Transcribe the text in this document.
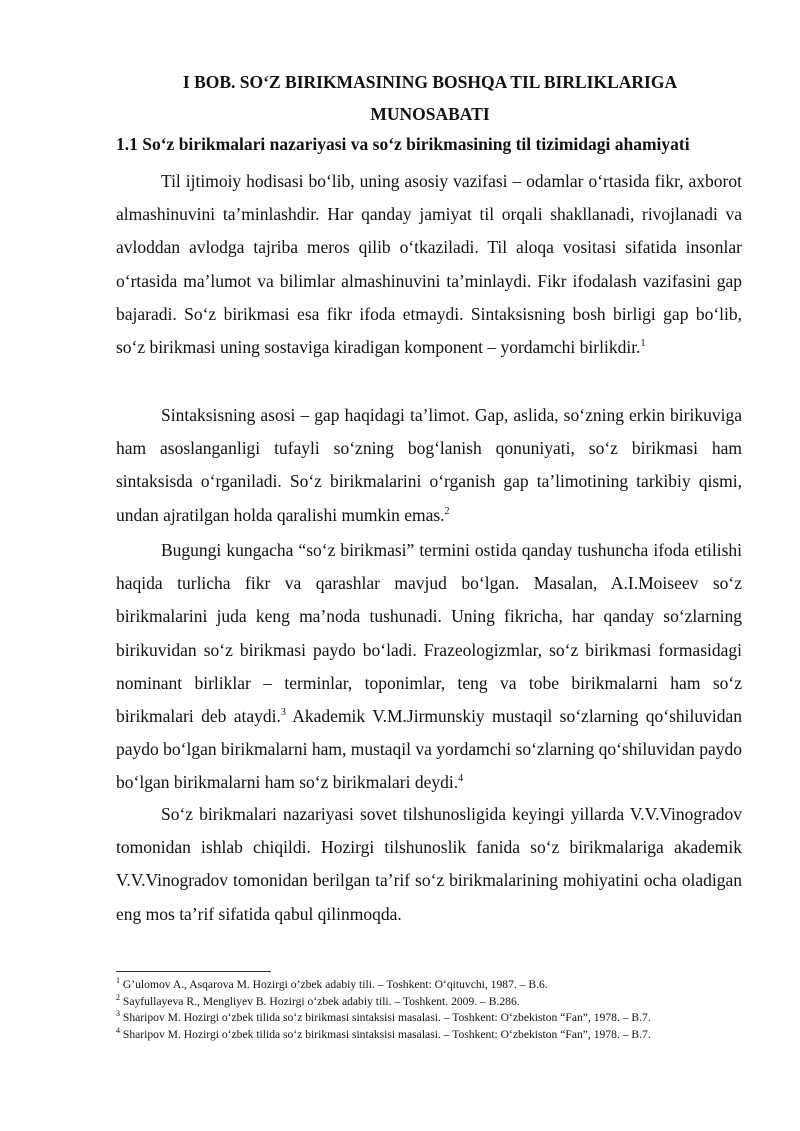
I BOB. SO‘Z BIRIKMASINING BOSHQA TIL BIRLIKLARIGA
MUNOSABATI
1.1 So‘z birikmalari nazariyasi va so‘z birikmasining til tizimidagi ahamiyati

Til ijtimoiy hodisasi bo‘lib, uning asosiy vazifasi – odamlar o‘rtasida fikr, axborot almashinuvini ta’minlashdir. Har qanday jamiyat til orqali shakllanadi, rivojlanadi va avloddan avlodga tajriba meros qilib o‘tkaziladi. Til aloqa vositasi sifatida insonlar o‘rtasida ma’lumot va bilimlar almashinuvini ta’minlaydi. Fikr ifodalash vazifasini gap bajaradi. So‘z birikmasi esa fikr ifoda etmaydi. Sintaksisning bosh birligi gap bo‘lib, so‘z birikmasi uning sostaviga kiradigan komponent – yordamchi birlikdir.$^1$

Sintaksisning asosi – gap haqidagi ta’limot. Gap, aslida, so‘zning erkin birikuviga ham asoslanganligi tufayli so‘zning bog‘lanish qonuniyati, so‘z birikmasi ham sintaksisda o‘rganiladi. So‘z birikmalarini o‘rganish gap ta’limotining tarkibiy qismi, undan ajratilgan holda qaralishi mumkin emas.$^2$

Bugungi kungacha “so‘z birikmasi” termini ostida qanday tushuncha ifoda etilishi haqida turlicha fikr va qarashlar mavjud bo‘lgan. Masalan, A.I.Moiseev so‘z birikmalarini juda keng ma’noda tushunadi. Uning fikricha, har qanday so‘zlarning birikuvidan so‘z birikmasi paydo bo‘ladi. Frazeologizmlar, so‘z birikmasi formasidagi nominant birliklar – terminlar, toponimlar, teng va tobe birikmalarni ham so‘z birikmalari deb ataydi.$^3$ Akademik V.M.Jirmunskiy mustaqil so‘zlarning qo‘shiluvidan paydo bo‘lgan birikmalarni ham, mustaqil va yordamchi so‘zlarning qo‘shiluvidan paydo bo‘lgan birikmalarni ham so‘z birikmalari deydi.$^4$

So‘z birikmalari nazariyasi sovet tilshunosligida keyingi yillarda V.V.Vinogradov tomonidan ishlab chiqildi. Hozirgi tilshunoslik fanida so‘z birikmalariga akademik V.V.Vinogradov tomonidan berilgan ta’rif so‘z birikmalarining mohiyatini ocha oladigan eng mos ta’rif sifatida qabul qilinmoqda.

$^1$ G’ulomov A., Asqarova M. Hozirgi o’zbek adabiy tili. – Toshkent: O‘qituvchi, 1987. – B.6.
$^2$ Sayfullayeva R., Mengliyev B. Hozirgi o‘zbek adabiy tili. – Toshkent. 2009. – B.286.
$^3$ Sharipov M. Hozirgi o‘zbek tilida so‘z birikmasi sintaksisi masalasi. – Toshkent: O‘zbekiston “Fan”, 1978. – B.7.
$^4$ Sharipov M. Hozirgi o‘zbek tilida so‘z birikmasi sintaksisi masalasi. – Toshkent: O‘zbekiston “Fan”, 1978. – B.7.
